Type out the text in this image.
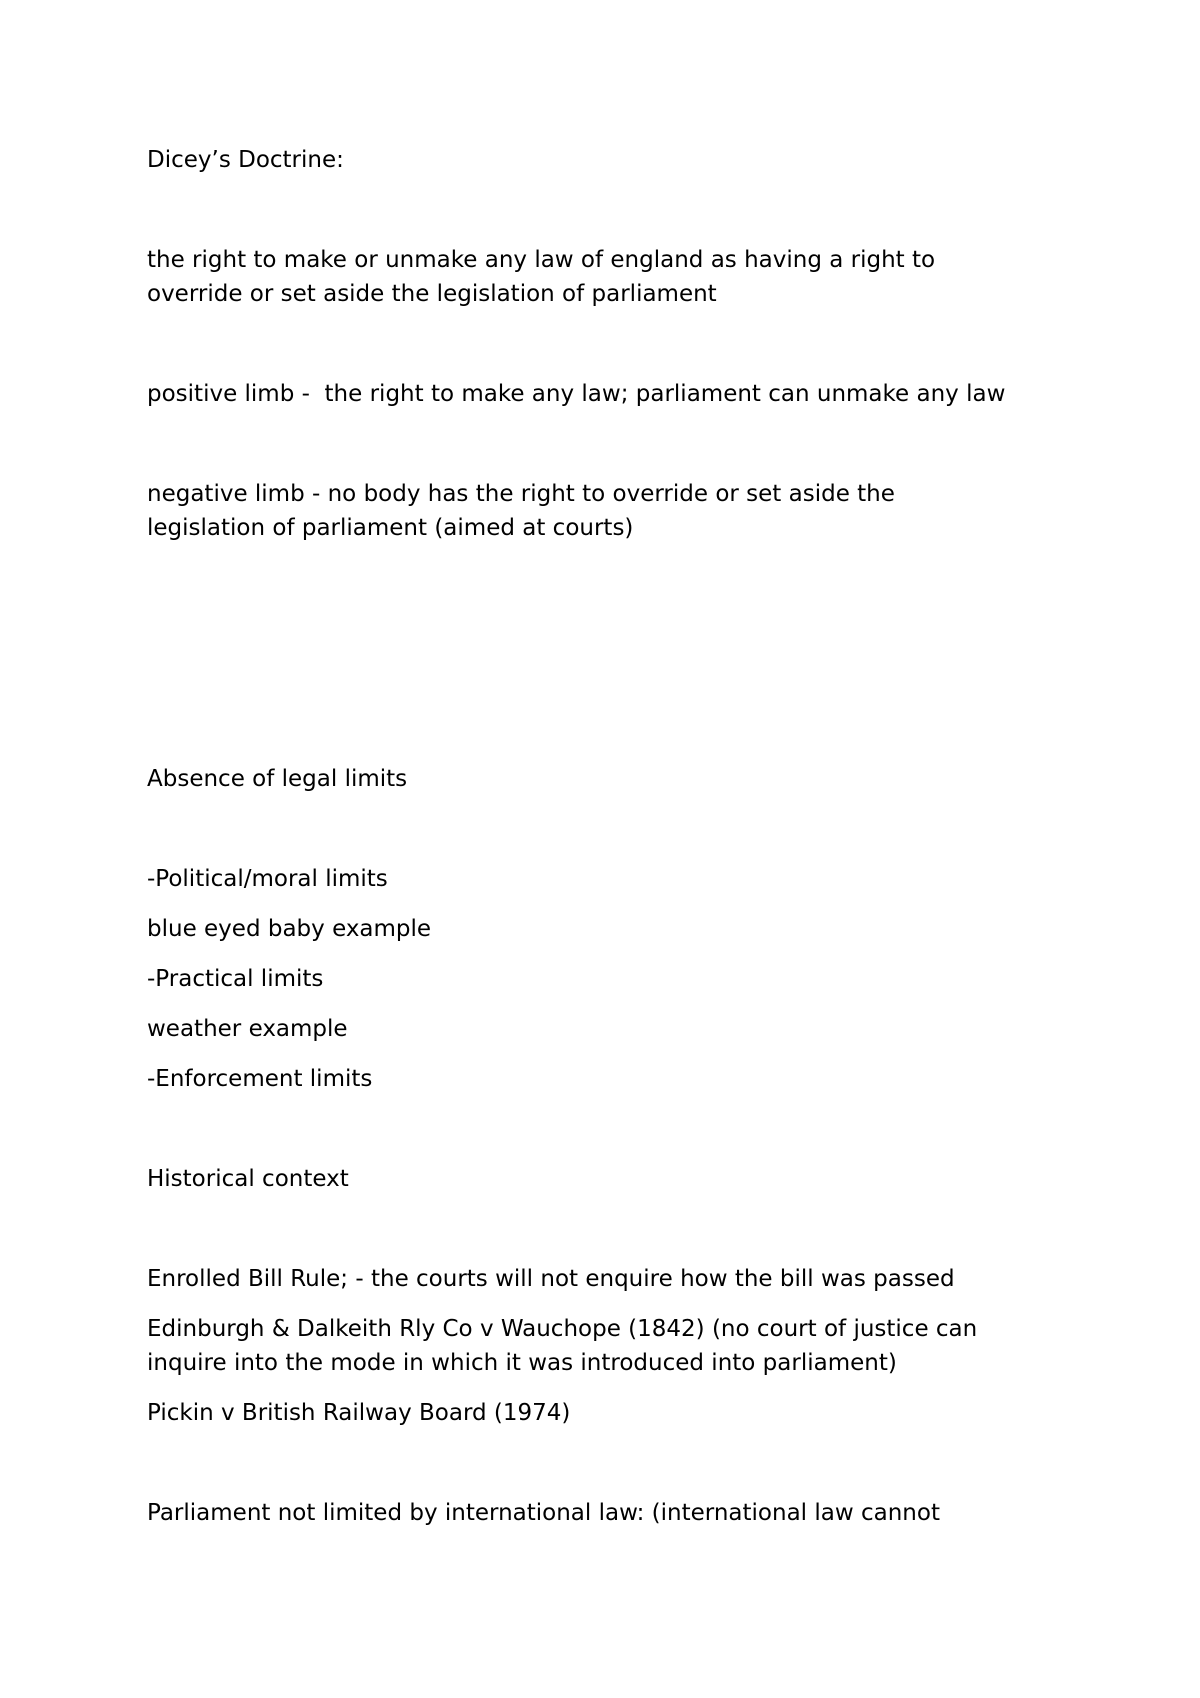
Dicey’s Doctrine:
the right to make or unmake any law of england as having a right to
override or set aside the legislation of parliament
positive limb -  the right to make any law; parliament can unmake any law
negative limb - no body has the right to override or set aside the
legislation of parliament (aimed at courts)
Absence of legal limits
-Political/moral limits
blue eyed baby example
-Practical limits
weather example
-Enforcement limits
Historical context
Enrolled Bill Rule; - the courts will not enquire how the bill was passed
Edinburgh & Dalkeith Rly Co v Wauchope (1842) (no court of justice can
inquire into the mode in which it was introduced into parliament)
Pickin v British Railway Board (1974)
Parliament not limited by international law: (international law cannot
